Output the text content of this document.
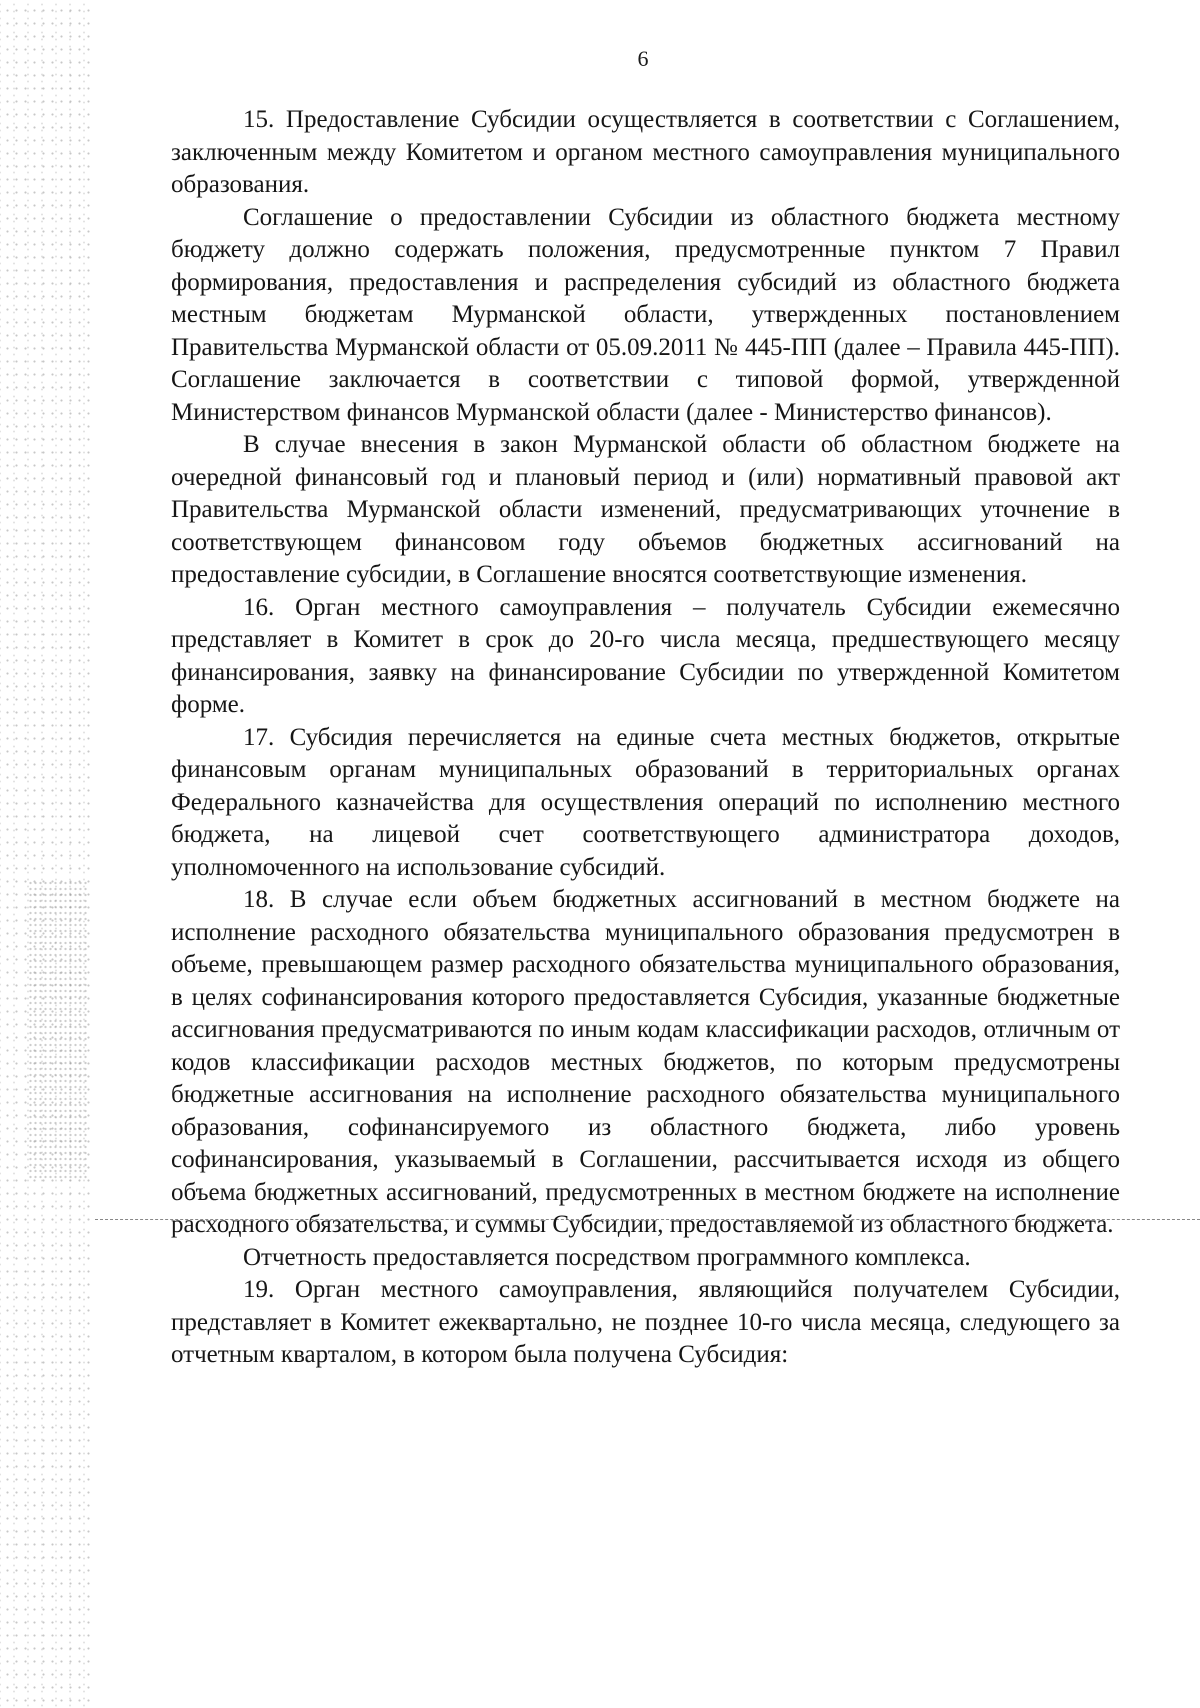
6

15. Предоставление Субсидии осуществляется в соответствии с Соглашением, заключенным между Комитетом и органом местного самоуправления муниципального образования.

Соглашение о предоставлении Субсидии из областного бюджета местному бюджету должно содержать положения, предусмотренные пунктом 7 Правил формирования, предоставления и распределения субсидий из областного бюджета местным бюджетам Мурманской области, утвержденных постановлением Правительства Мурманской области от 05.09.2011 № 445-ПП (далее – Правила 445-ПП). Соглашение заключается в соответствии с типовой формой, утвержденной Министерством финансов Мурманской области (далее - Министерство финансов).

В случае внесения в закон Мурманской области об областном бюджете на очередной финансовый год и плановый период и (или) нормативный правовой акт Правительства Мурманской области изменений, предусматривающих уточнение в соответствующем финансовом году объемов бюджетных ассигнований на предоставление субсидии, в Соглашение вносятся соответствующие изменения.

16. Орган местного самоуправления – получатель Субсидии ежемесячно представляет в Комитет в срок до 20-го числа месяца, предшествующего месяцу финансирования, заявку на финансирование Субсидии по утвержденной Комитетом форме.

17. Субсидия перечисляется на единые счета местных бюджетов, открытые финансовым органам муниципальных образований в территориальных органах Федерального казначейства для осуществления операций по исполнению местного бюджета, на лицевой счет соответствующего администратора доходов, уполномоченного на использование субсидий.

18. В случае если объем бюджетных ассигнований в местном бюджете на исполнение расходного обязательства муниципального образования предусмотрен в объеме, превышающем размер расходного обязательства муниципального образования, в целях софинансирования которого предоставляется Субсидия, указанные бюджетные ассигнования предусматриваются по иным кодам классификации расходов, отличным от кодов классификации расходов местных бюджетов, по которым предусмотрены бюджетные ассигнования на исполнение расходного обязательства муниципального образования, софинансируемого из областного бюджета, либо уровень софинансирования, указываемый в Соглашении, рассчитывается исходя из общего объема бюджетных ассигнований, предусмотренных в местном бюджете на исполнение расходного обязательства, и суммы Субсидии, предоставляемой из областного бюджета.

Отчетность предоставляется посредством программного комплекса.

19. Орган местного самоуправления, являющийся получателем Субсидии, представляет в Комитет ежеквартально, не позднее 10-го числа месяца, следующего за отчетным кварталом, в котором была получена Субсидия:
